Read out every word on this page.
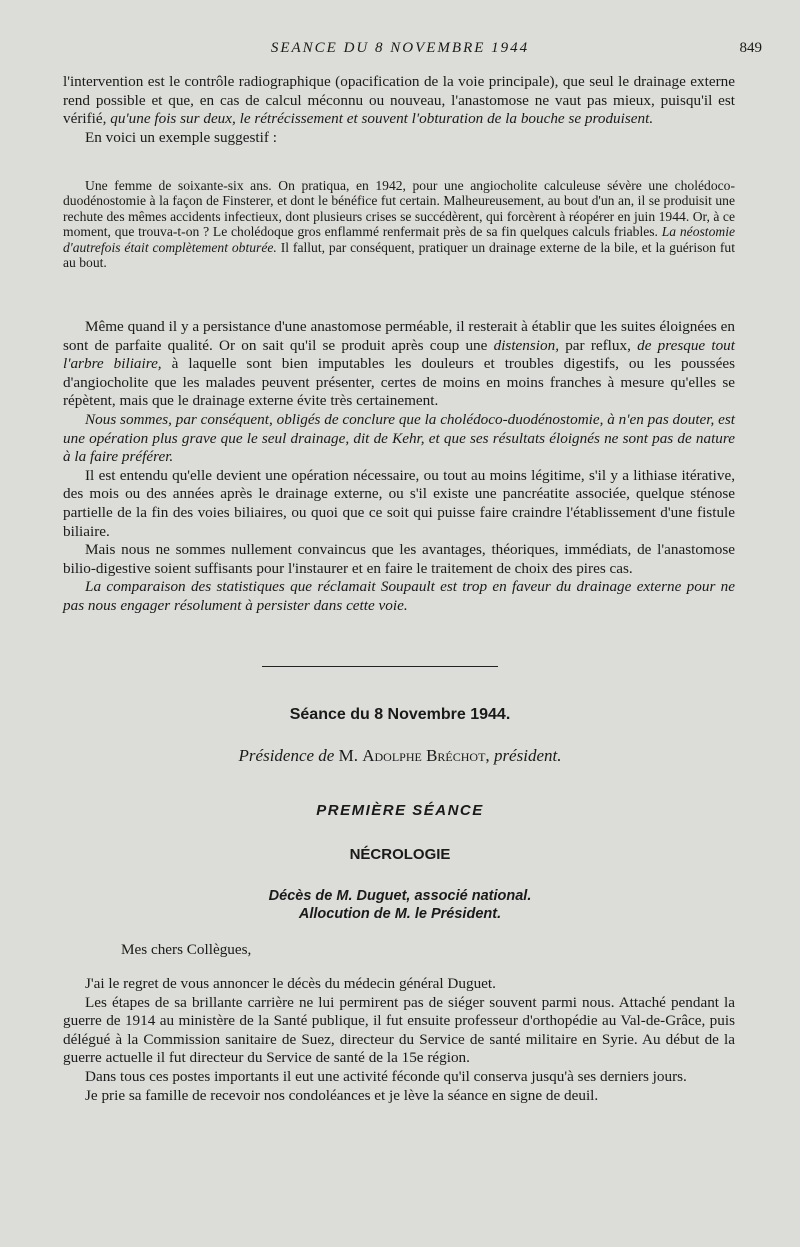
SEANCE DU 8 NOVEMBRE 1944	849

l'intervention est le contrôle radiographique (opacification de la voie principale), que seul le drainage externe rend possible et que, en cas de calcul méconnu ou nouveau, l'anastomose ne vaut pas mieux, puisqu'il est vérifié, qu'une fois sur deux, le rétrécissement et souvent l'obturation de la bouche se produisent.

En voici un exemple suggestif :

Une femme de soixante-six ans. On pratiqua, en 1942, pour une angiocholite calculeuse sévère une cholédoco-duodénostomie à la façon de Finsterer, et dont le bénéfice fut certain. Malheureusement, au bout d'un an, il se produisit une rechute des mêmes accidents infectieux, dont plusieurs crises se succédèrent, qui forcèrent à réopérer en juin 1944. Or, à ce moment, que trouva-t-on ? Le cholédoque gros enflammé renfermait près de sa fin quelques calculs friables. La néostomie d'autrefois était complètement obturée. Il fallut, par conséquent, pratiquer un drainage externe de la bile, et la guérison fut au bout.

Même quand il y a persistance d'une anastomose perméable, il resterait à établir que les suites éloignées en sont de parfaite qualité. Or on sait qu'il se produit après coup une distension, par reflux, de presque tout l'arbre biliaire, à laquelle sont bien imputables les douleurs et troubles digestifs, ou les poussées d'angiocholite que les malades peuvent présenter, certes de moins en moins franches à mesure qu'elles se répètent, mais que le drainage externe évite très certainement.

Nous sommes, par conséquent, obligés de conclure que la cholédoco-duodénostomie, à n'en pas douter, est une opération plus grave que le seul drainage, dit de Kehr, et que ses résultats éloignés ne sont pas de nature à la faire préférer.

Il est entendu qu'elle devient une opération nécessaire, ou tout au moins légitime, s'il y a lithiase itérative, des mois ou des années après le drainage externe, ou s'il existe une pancréatite associée, quelque sténose partielle de la fin des voies biliaires, ou quoi que ce soit qui puisse faire craindre l'établissement d'une fistule biliaire.

Mais nous ne sommes nullement convaincus que les avantages, théoriques, immédiats, de l'anastomose bilio-digestive soient suffisants pour l'instaurer et en faire le traitement de choix des pires cas.

La comparaison des statistiques que réclamait Soupault est trop en faveur du drainage externe pour ne pas nous engager résolument à persister dans cette voie.

Séance du 8 Novembre 1944.
Présidence de M. Adolphe Bréchot, président.
PREMIÈRE SÉANCE
NÉCROLOGIE
Décès de M. Duguet, associé national.
Allocution de M. le Président.

Mes chers Collègues,

J'ai le regret de vous annoncer le décès du médecin général Duguet.

Les étapes de sa brillante carrière ne lui permirent pas de siéger souvent parmi nous. Attaché pendant la guerre de 1914 au ministère de la Santé publique, il fut ensuite professeur d'orthopédie au Val-de-Grâce, puis délégué à la Commission sanitaire de Suez, directeur du Service de santé militaire en Syrie. Au début de la guerre actuelle il fut directeur du Service de santé de la 15e région.

Dans tous ces postes importants il eut une activité féconde qu'il conserva jusqu'à ses derniers jours.

Je prie sa famille de recevoir nos condoléances et je lève la séance en signe de deuil.
